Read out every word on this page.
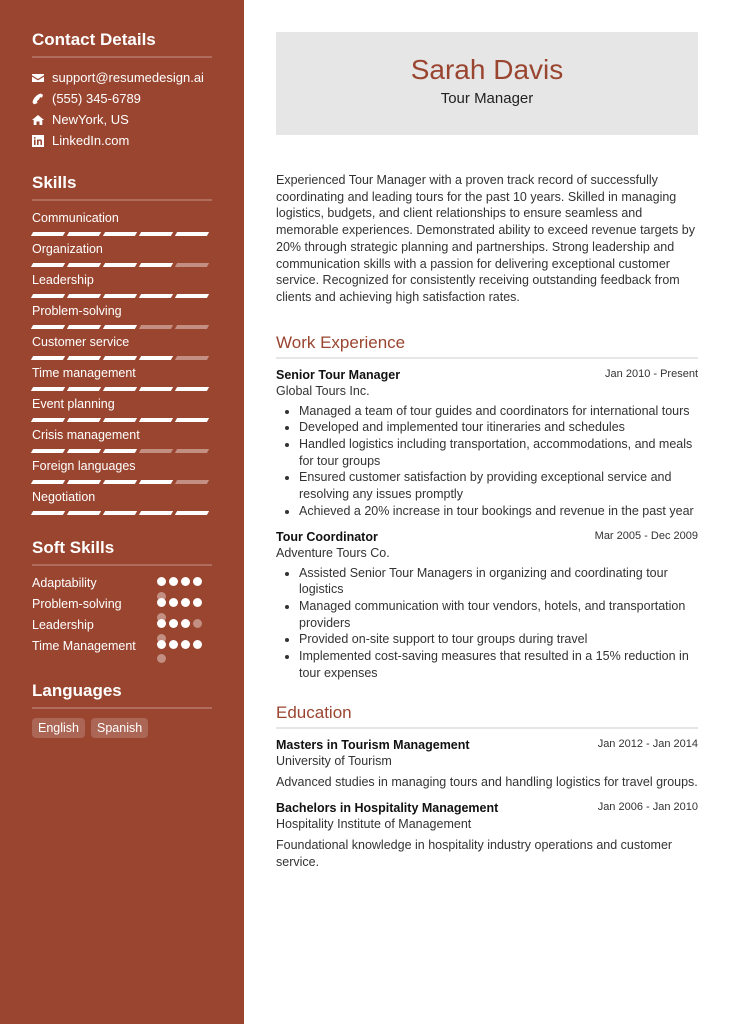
Contact Details
support@resumedesign.ai
(555) 345-6789
NewYork, US
LinkedIn.com
Skills
Communication
Organization
Leadership
Problem-solving
Customer service
Time management
Event planning
Crisis management
Foreign languages
Negotiation
Soft Skills
Adaptability
Problem-solving
Leadership
Time Management
Languages
English	Spanish
Sarah Davis
Tour Manager

Experienced Tour Manager with a proven track record of successfully coordinating and leading tours for the past 10 years. Skilled in managing logistics, budgets, and client relationships to ensure seamless and memorable experiences. Demonstrated ability to exceed revenue targets by 20% through strategic planning and partnerships. Strong leadership and communication skills with a passion for delivering exceptional customer service. Recognized for consistently receiving outstanding feedback from clients and achieving high satisfaction rates.

Work Experience
Senior Tour Manager	Jan 2010 - Present
Global Tours Inc.
• Managed a team of tour guides and coordinators for international tours
• Developed and implemented tour itineraries and schedules
• Handled logistics including transportation, accommodations, and meals for tour groups
• Ensured customer satisfaction by providing exceptional service and resolving any issues promptly
• Achieved a 20% increase in tour bookings and revenue in the past year
Tour Coordinator	Mar 2005 - Dec 2009
Adventure Tours Co.
• Assisted Senior Tour Managers in organizing and coordinating tour logistics
• Managed communication with tour vendors, hotels, and transportation providers
• Provided on-site support to tour groups during travel
• Implemented cost-saving measures that resulted in a 15% reduction in tour expenses
Education
Masters in Tourism Management	Jan 2012 - Jan 2014
University of Tourism

Advanced studies in managing tours and handling logistics for travel groups.

Bachelors in Hospitality Management	Jan 2006 - Jan 2010
Hospitality Institute of Management

Foundational knowledge in hospitality industry operations and customer service.
